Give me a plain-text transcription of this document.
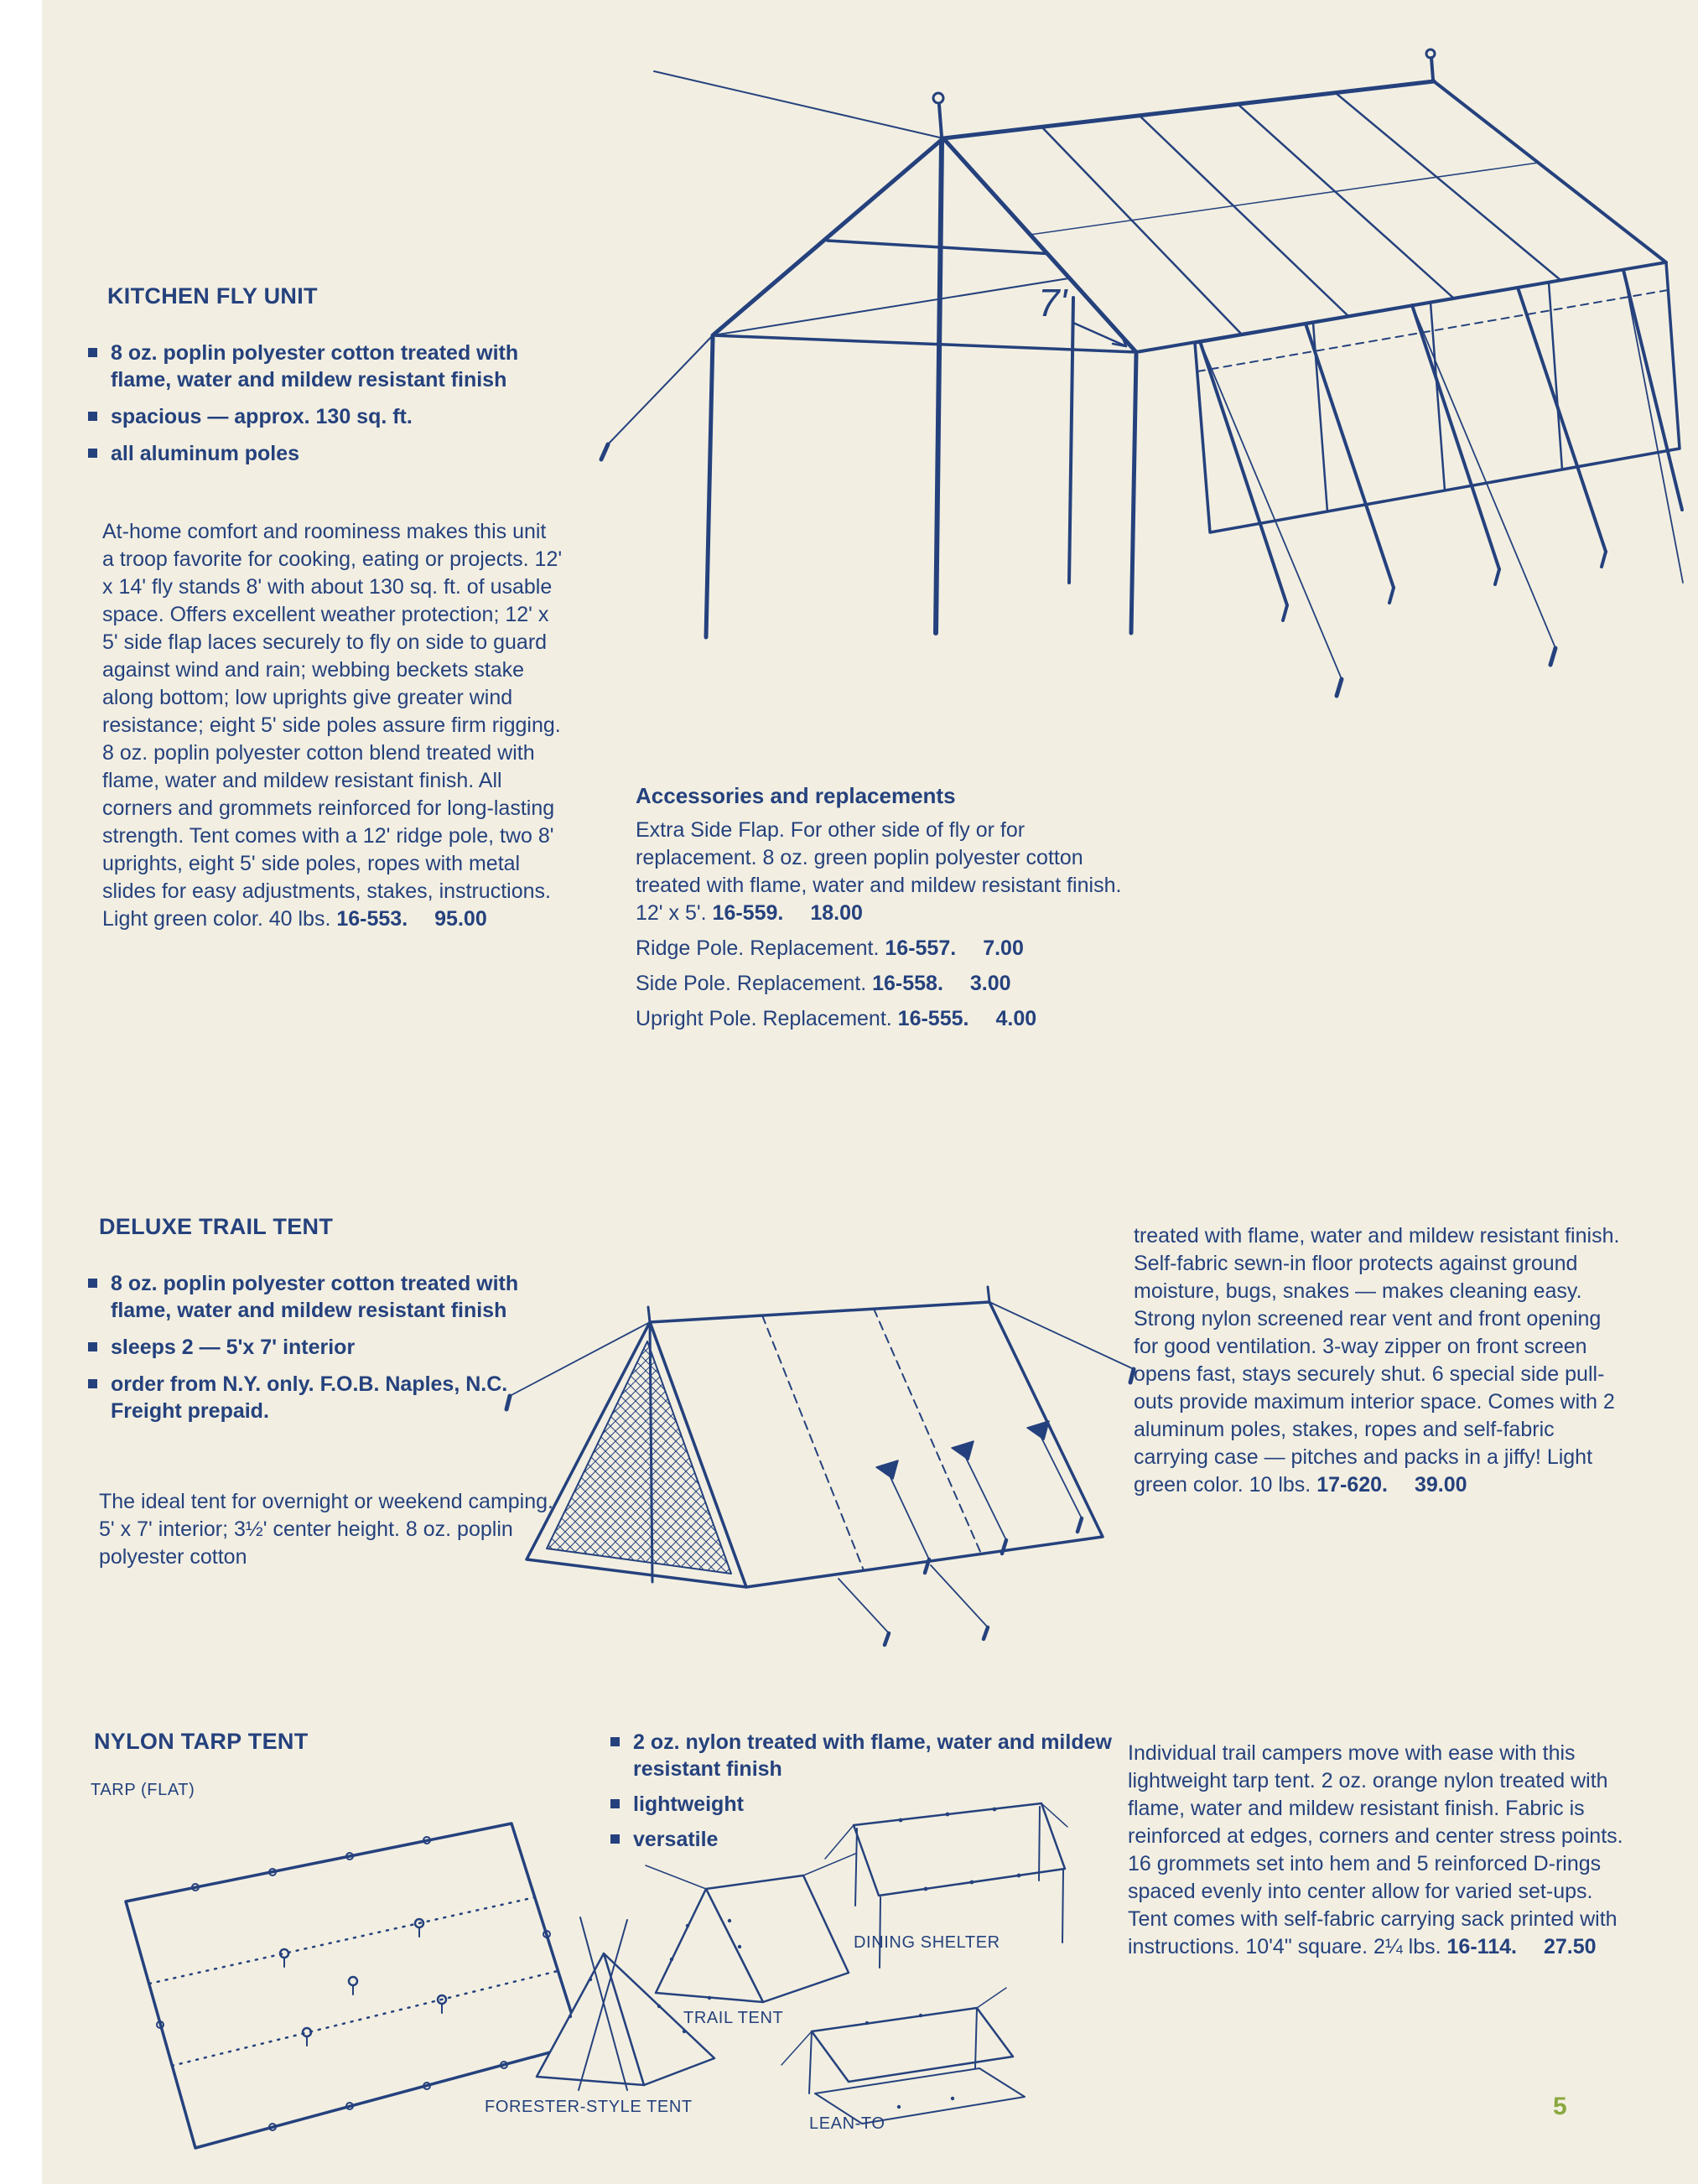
KITCHEN FLY UNIT
8 oz. poplin polyester cotton treated with flame, water and mildew resistant finish
spacious — approx. 130 sq. ft.
all aluminum poles

At-home comfort and roominess makes this unit a troop favorite for cooking, eating or projects. 12' x 14' fly stands 8' with about 130 sq. ft. of usable space. Offers excellent weather protection; 12' x 5' side flap laces securely to fly on side to guard against wind and rain; webbing beckets stake along bottom; low uprights give greater wind resistance; eight 5' side poles assure firm rigging. 8 oz. poplin polyester cotton blend treated with flame, water and mildew resistant finish. All corners and grommets reinforced for long-lasting strength. Tent comes with a 12' ridge pole, two 8' uprights, eight 5' side poles, ropes with metal slides for easy adjustments, stakes, instructions. Light green color. 40 lbs. 16-553. 95.00

7'
Accessories and replacements

Extra Side Flap. For other side of fly or for replacement. 8 oz. green poplin polyester cotton treated with flame, water and mildew resistant finish. 12' x 5'. 16-559. 18.00

Ridge Pole. Replacement. 16-557. 7.00
Side Pole. Replacement. 16-558. 3.00
Upright Pole. Replacement. 16-555. 4.00
DELUXE TRAIL TENT
8 oz. poplin polyester cotton treated with flame, water and mildew resistant finish
sleeps 2 — 5'x 7' interior
order from N.Y. only. F.O.B. Naples, N.C. Freight prepaid.

The ideal tent for overnight or weekend camping. 5' x 7' interior; 3½' center height. 8 oz. poplin polyester cotton

treated with flame, water and mildew resistant finish. Self-fabric sewn-in floor protects against ground moisture, bugs, snakes — makes cleaning easy. Strong nylon screened rear vent and front opening for good ventilation. 3-way zipper on front screen opens fast, stays securely shut. 6 special side pull-outs provide maximum interior space. Comes with 2 aluminum poles, stakes, ropes and self-fabric carrying case — pitches and packs in a jiffy! Light green color. 10 lbs. 17-620. 39.00

NYLON TARP TENT
TARP (FLAT)
2 oz. nylon treated with flame, water and mildew resistant finish
lightweight
versatile
DINING SHELTER
TRAIL TENT
FORESTER-STYLE TENT
LEAN-TO

Individual trail campers move with ease with this lightweight tarp tent. 2 oz. orange nylon treated with flame, water and mildew resistant finish. Fabric is reinforced at edges, corners and center stress points. 16 grommets set into hem and 5 reinforced D-rings spaced evenly into center allow for varied set-ups. Tent comes with self-fabric carrying sack printed with instructions. 10'4" square. 2¼ lbs. 16-114. 27.50

5
